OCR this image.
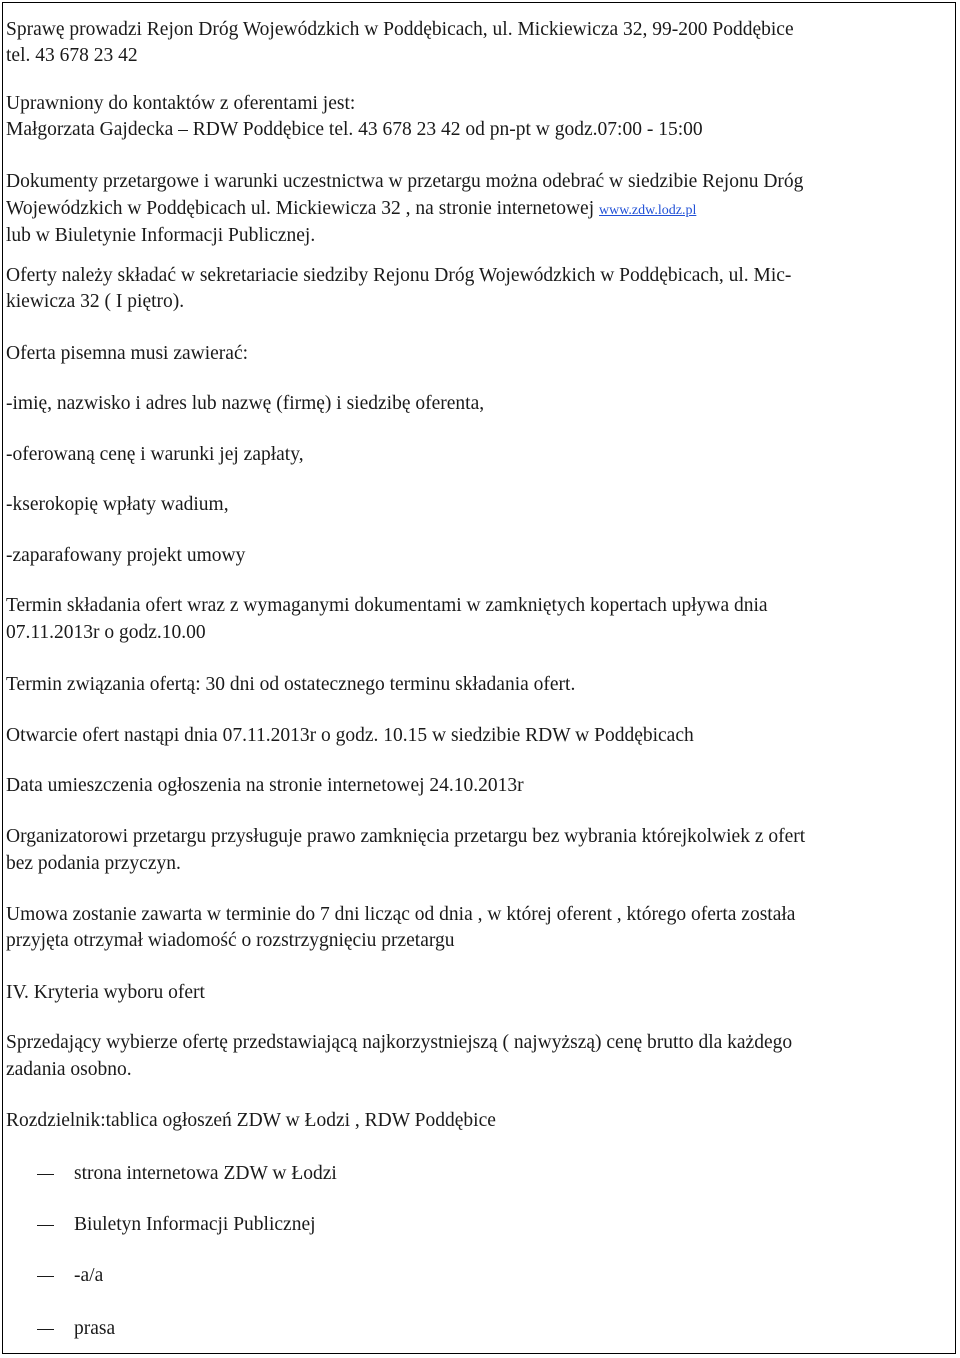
Sprawę prowadzi Rejon Dróg Wojewódzkich w Poddębicach, ul. Mickiewicza 32, 99-200 Poddębice
tel. 43 678 23 42
Uprawniony do kontaktów z oferentami jest:
Małgorzata Gajdecka – RDW Poddębice tel. 43 678 23 42 od pn-pt w godz.07:00 - 15:00
Dokumenty przetargowe i warunki uczestnictwa w przetargu można odebrać w siedzibie Rejonu Dróg
Wojewódzkich w Poddębicach ul. Mickiewicza 32 , na stronie internetowej www.zdw.lodz.pl
lub w Biuletynie Informacji Publicznej.
Oferty należy składać w sekretariacie siedziby Rejonu Dróg Wojewódzkich w Poddębicach, ul. Mic-
kiewicza 32 ( I piętro).
Oferta pisemna musi zawierać:
-imię, nazwisko i adres lub nazwę (firmę) i siedzibę oferenta,
-oferowaną cenę i warunki jej zapłaty,
-kserokopię wpłaty wadium,
-zaparafowany projekt umowy
Termin składania ofert wraz z wymaganymi dokumentami w zamkniętych kopertach upływa dnia
07.11.2013r o godz.10.00
Termin związania ofertą: 30 dni od ostatecznego terminu składania ofert.
Otwarcie ofert nastąpi dnia 07.11.2013r o godz. 10.15 w siedzibie RDW w Poddębicach
Data umieszczenia ogłoszenia na stronie internetowej 24.10.2013r
Organizatorowi przetargu przysługuje prawo zamknięcia przetargu bez wybrania którejkolwiek z ofert
bez podania przyczyn.
Umowa zostanie zawarta w terminie do 7 dni licząc od dnia , w której oferent , którego oferta została
przyjęta otrzymał wiadomość o rozstrzygnięciu przetargu
IV. Kryteria wyboru ofert
Sprzedający wybierze ofertę przedstawiającą najkorzystniejszą ( najwyższą) cenę brutto dla każdego
zadania osobno.
Rozdzielnik:tablica ogłoszeń ZDW w Łodzi , RDW Poddębice
strona internetowa ZDW w Łodzi
Biuletyn Informacji Publicznej
-a/a
prasa
